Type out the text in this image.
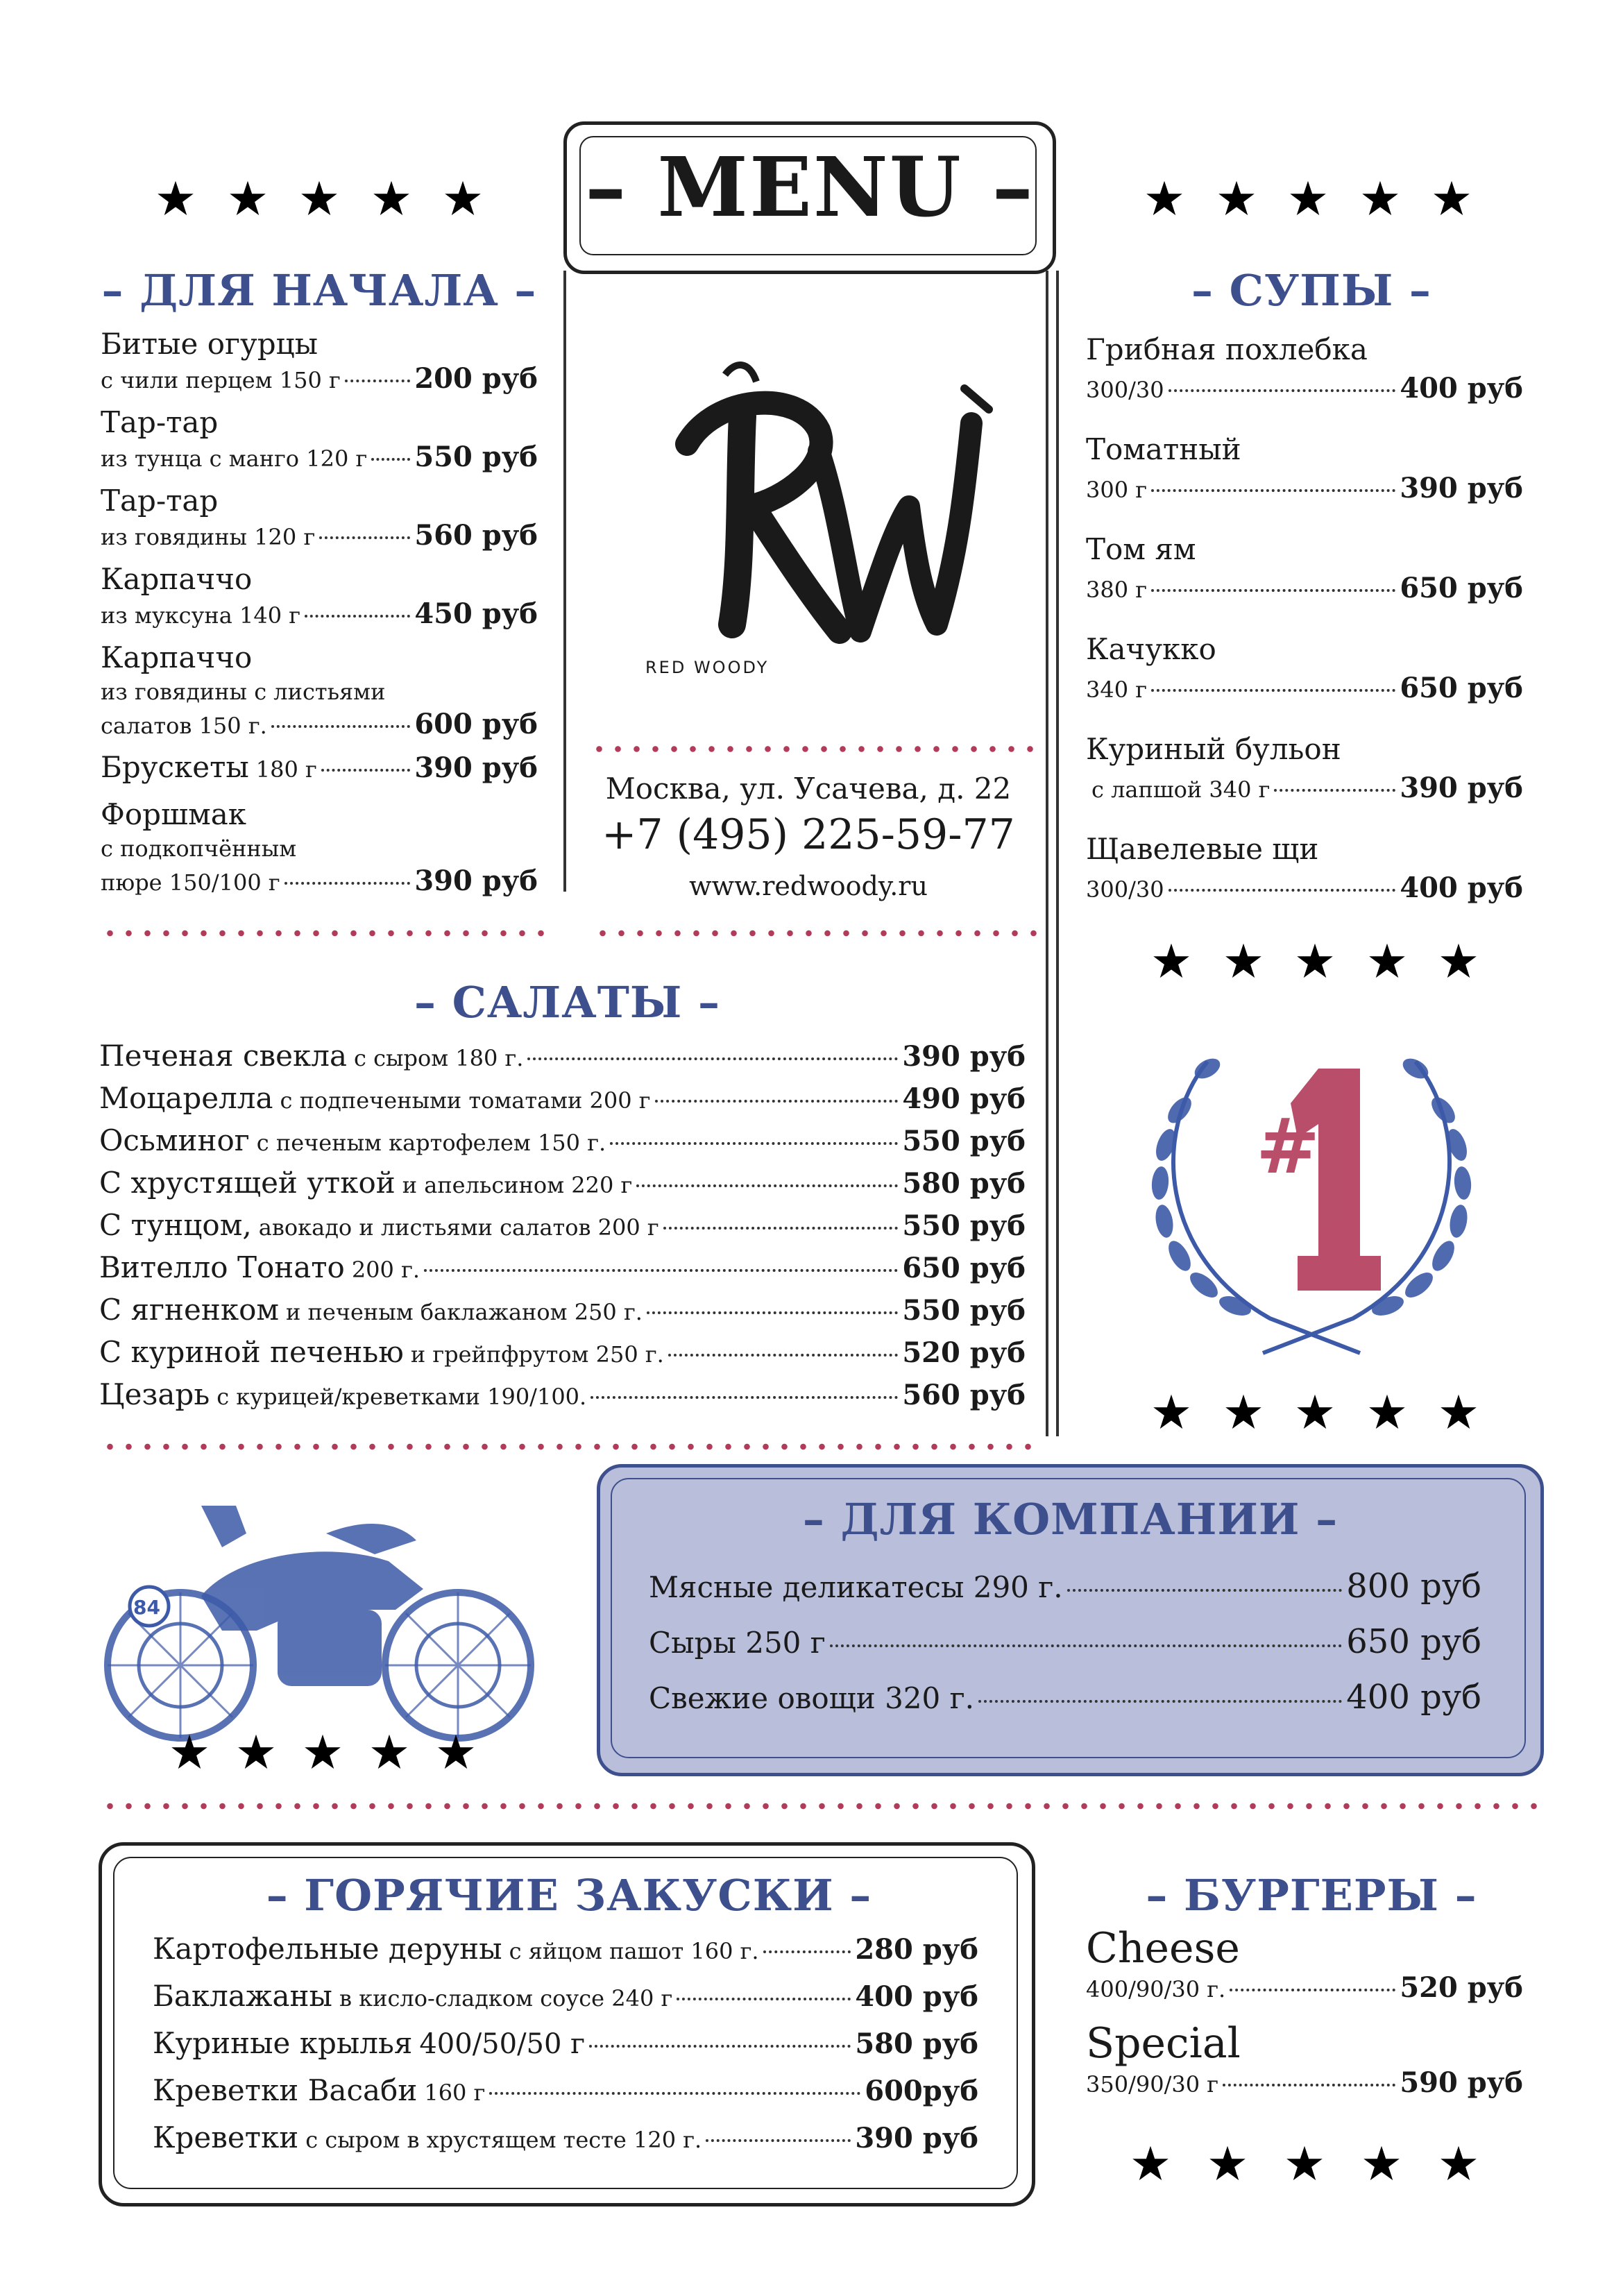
– MENU –
RED WOODY
Москва, ул. Усачева, д. 22
+7 (495) 225-59-77
www.redwoody.ru
– ДЛЯ НАЧАЛА –
Битые огурцы
с чили перцем 150 г	200 руб
Тар-тар
из тунца с манго 120 г 550 руб
Тар-тар
из говядины 120 г	560 руб
Карпаччо
из муксуна 140 г	450 руб
Карпаччо
из говядины с листьями
салатов 150 г.	600 руб
Брускеты 180 г	390 руб
Форшмак
с подкопчённым
пюре 150/100 г	390 руб
– СУПЫ –
Грибная похлебка
300/30	400 руб
Томатный
300 г	390 руб
Том ям
380 г	650 руб
Качукко
340 г	650 руб
Куриный бульон
с лапшой 340 г	390 руб
Щавелевые щи
300/30	400 руб
#
– САЛАТЫ –
Печеная свекла с сыром 180 г.	390 руб
Моцарелла с подпечеными томатами 200 г	490 руб
Осьминог с печеным картофелем 150 г.	550 руб
С хрустящей уткой и апельсином 220 г	580 руб
С тунцом, авокадо и листьями салатов 200 г	550 руб
Вителло Тонато 200 г.	650 руб
С ягненком и печеным баклажаном 250 г.	550 руб
С куриной печенью и грейпфрутом 250 г.	520 руб
Цезарь с курицей/креветками 190/100.	560 руб
84
– ДЛЯ КОМПАНИИ –
Мясные деликатесы 290 г.	800 руб
Сыры 250 г	650 руб
Свежие овощи 320 г.	400 руб
– ГОРЯЧИЕ ЗАКУСКИ –
Картофельные деруны с яйцом пашот 160 г.	280 руб
Баклажаны в кисло-сладком соусе 240 г	400 руб
Куриные крылья 400/50/50 г	580 руб
Креветки Васаби 160 г	600руб
Креветки с сыром в хрустящем тесте 120 г.	390 руб
– БУРГЕРЫ –
Cheese
400/90/30 г.	520 руб
Special
350/90/30 г	590 руб
